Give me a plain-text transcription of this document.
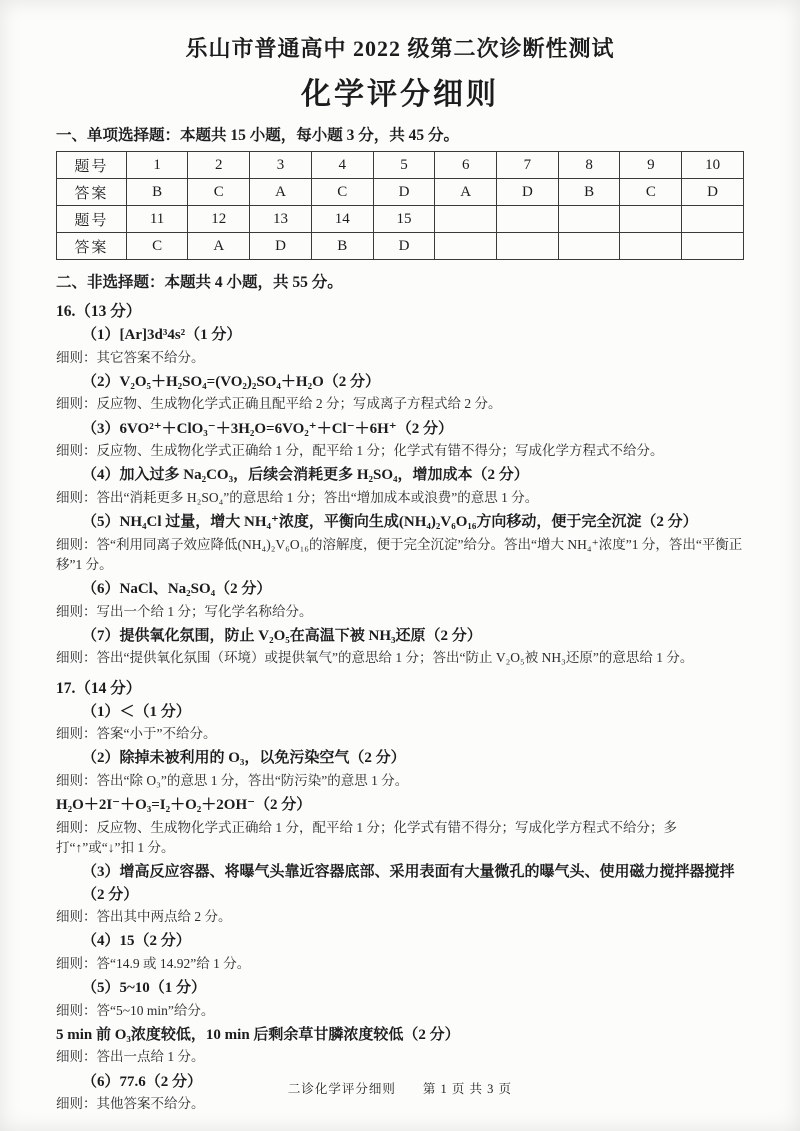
乐山市普通高中 2022 级第二次诊断性测试
化学评分细则
一、单项选择题：本题共 15 小题，每小题 3 分，共 45 分。
题号	1	2	3	4	5	6	7	8	9	10
答案	B	C	A	C	D	A	D	B	C	D
题号	11	12	13	14	15					
答案	C	A	D	B	D					
二、非选择题：本题共 4 小题，共 55 分。
16.（13 分）

（1）[Ar]3d³4s²（1 分）

细则：其它答案不给分。

（2）V₂O₅＋H₂SO₄=(VO₂)₂SO₄＋H₂O（2 分）

细则：反应物、生成物化学式正确且配平给 2 分；写成离子方程式给 2 分。

（3）6VO²⁺＋ClO₃⁻＋3H₂O=6VO₂⁺＋Cl⁻＋6H⁺（2 分）

细则：反应物、生成物化学式正确给 1 分，配平给 1 分；化学式有错不得分；写成化学方程式不给分。

（4）加入过多 Na₂CO₃，后续会消耗更多 H₂SO₄，增加成本（2 分）

细则：答出“消耗更多 H₂SO₄”的意思给 1 分；答出“增加成本或浪费”的意思 1 分。

（5）NH₄Cl 过量，增大 NH₄⁺浓度，平衡向生成(NH₄)₂V₆O₁₆方向移动，便于完全沉淀（2 分）

细则：答“利用同离子效应降低(NH₄)₂V₆O₁₆的溶解度，便于完全沉淀”给分。答出“增大 NH₄⁺浓度”1 分，答出“平衡正移”1 分。

（6）NaCl、Na₂SO₄（2 分）

细则：写出一个给 1 分；写化学名称给分。

（7）提供氧化氛围，防止 V₂O₅在高温下被 NH₃还原（2 分）

细则：答出“提供氧化氛围（环境）或提供氧气”的意思给 1 分；答出“防止 V₂O₅被 NH₃还原”的意思给 1 分。

17.（14 分）

（1）＜（1 分）

细则：答案“小于”不给分。

（2）除掉未被利用的 O₃，以免污染空气（2 分）

细则：答出“除 O₃”的意思 1 分，答出“防污染”的意思 1 分。

H₂O＋2I⁻＋O₃=I₂＋O₂＋2OH⁻（2 分）

细则：反应物、生成物化学式正确给 1 分，配平给 1 分；化学式有错不得分；写成化学方程式不给分；多打“↑”或“↓”扣 1 分。

（3）增高反应容器、将曝气头靠近容器底部、采用表面有大量微孔的曝气头、使用磁力搅拌器搅拌（2 分）

细则：答出其中两点给 2 分。

（4）15（2 分）

细则：答“14.9 或 14.92”给 1 分。

（5）5~10（1 分）

细则：答“5~10 min”给分。

5 min 前 O₃浓度较低，10 min 后剩余草甘膦浓度较低（2 分）

细则：答出一点给 1 分。

（6）77.6（2 分）

细则：其他答案不给分。

二诊化学评分细则　　第 1 页 共 3 页
